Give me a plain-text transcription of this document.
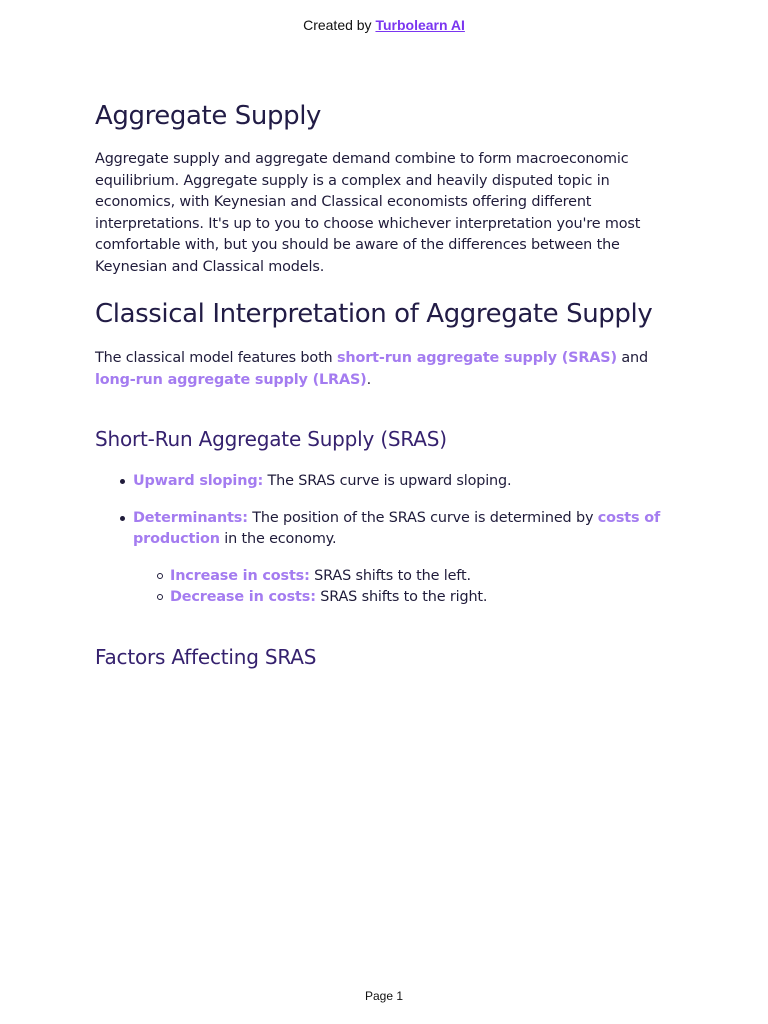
Created by Turbolearn AI
Aggregate Supply

Aggregate supply and aggregate demand combine to form macroeconomic equilibrium. Aggregate supply is a complex and heavily disputed topic in economics, with Keynesian and Classical economists offering different interpretations. It's up to you to choose whichever interpretation you're most comfortable with, but you should be aware of the differences between the Keynesian and Classical models.

Classical Interpretation of Aggregate Supply

The classical model features both short-run aggregate supply (SRAS) and long-run aggregate supply (LRAS).

Short-Run Aggregate Supply (SRAS)
Upward sloping: The SRAS curve is upward sloping.
Determinants: The position of the SRAS curve is determined by costs of production in the economy.
Increase in costs: SRAS shifts to the left.
Decrease in costs: SRAS shifts to the right.
Factors Affecting SRAS
Page 1
